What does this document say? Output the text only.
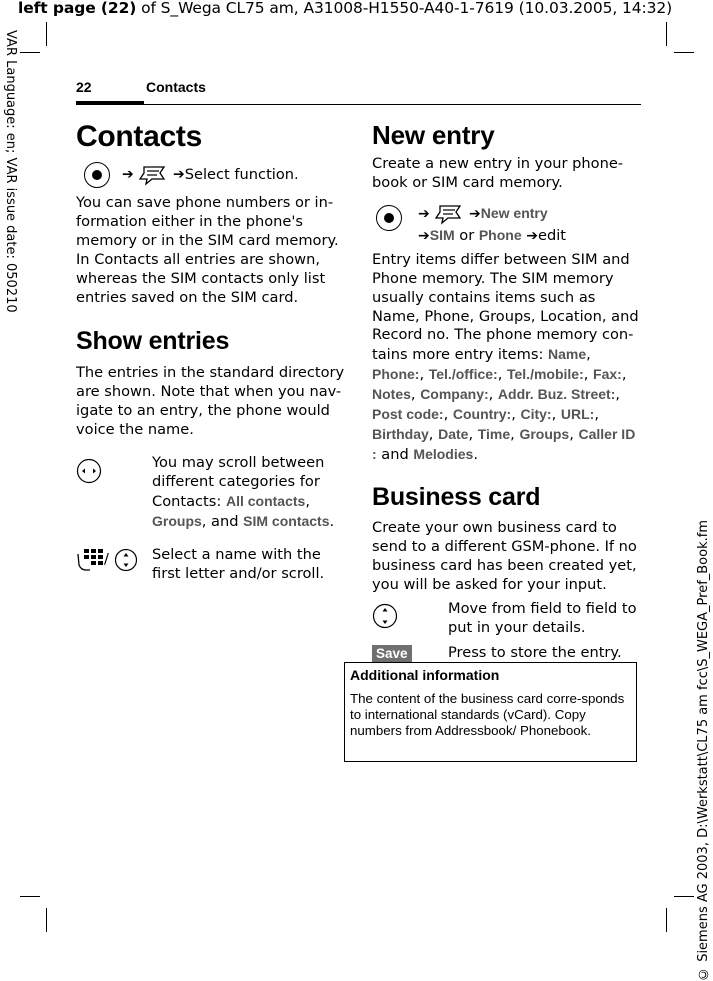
left page (22) of S_Wega CL75 am, A31008-H1550-A40-1-7619 (10.03.2005, 14:32)
VAR Language: en; VAR issue date: 050210
© Siemens AG 2003, D:\Werkstatt\CL75 am fcc\S_WEGA_Pref_Book.fm
22	Contacts
Contacts
➔	➔Select function.

You can save phone numbers or in-formation either in the phone's memory or in the SIM card memory. In Contacts all entries are shown, whereas the SIM contacts only list entries saved on the SIM card.

Show entries

The entries in the standard directory are shown. Note that when you nav-igate to an entry, the phone would voice the name.

You may scroll between different categories for Contacts: All contacts, Groups, and SIM contacts.
/	Select a name with the first letter and/or scroll.
New entry

Create a new entry in your phone-book or SIM card memory.

➔	➔New entry
➔SIM or Phone ➔edit

Entry items differ between SIM and Phone memory. The SIM memory usually contains items such as Name, Phone, Groups, Location, and Record no. The phone memory con-tains more entry items: Name, Phone:, Tel./office:, Tel./mobile:, Fax:, Notes, Company:, Addr. Buz. Street:, Post code:, Country:, City:, URL:, Birthday, Date, Time, Groups, Caller ID : and Melodies.

Business card

Create your own business card to send to a different GSM-phone. If no business card has been created yet, you will be asked for your input.

Move from field to field to put in your details.
Save	Press to store the entry.
Additional information
The content of the business card corre-sponds to international standards (vCard). Copy numbers from Addressbook/ Phonebook.
